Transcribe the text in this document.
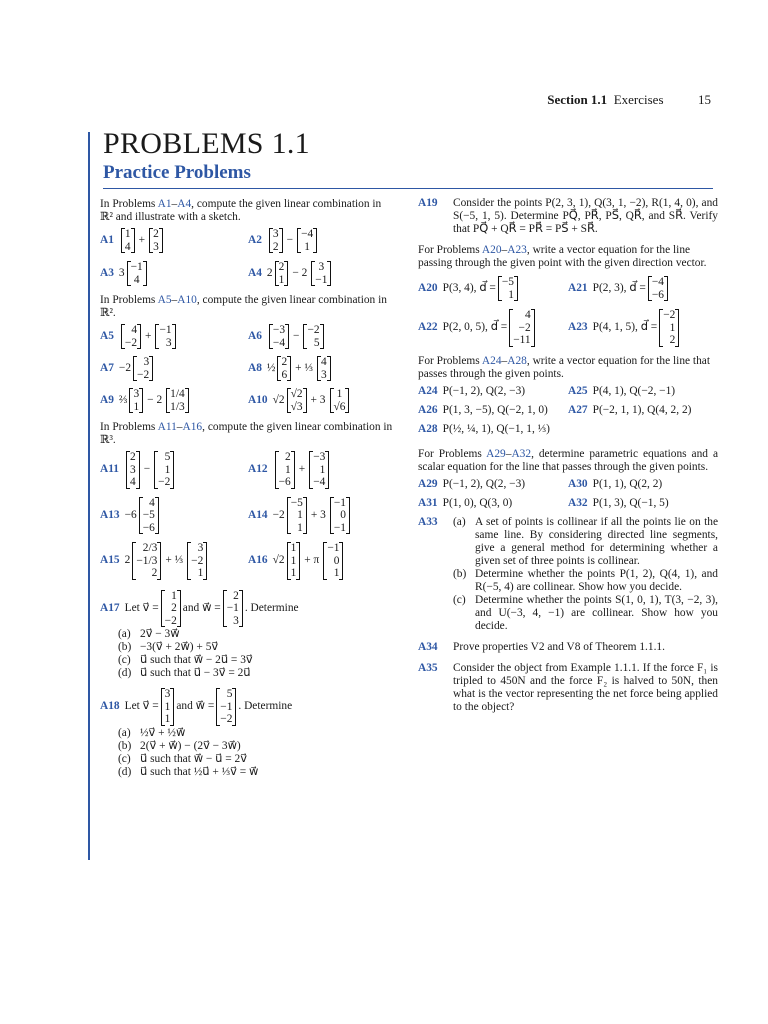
Section 1.1 Exercises	15
PROBLEMS 1.1
Practice Problems

In Problems A1–A4, compute the given linear combination in ℝ² and illustrate with a sketch.

A1 1
4
+ 2
3
A2 3
2
− −4
1
A3 3 −1
4
A4 2 2
1
− 2 3
−1

In Problems A5–A10, compute the given linear combination in ℝ².

A5 4
−2
+ −1
3
A6 −3
−4
− −2
5
A7 −2 3
−2
A8 ½ 2
6
+ ⅓ 4
3
A9 ⅔ 3
1
− 2 1/4
1/3
A10 √2 √2
√3
+ 3 1
√6

In Problems A11–A16, compute the given linear combination in ℝ³.

A11
2
3
4
−
5
1
−2
A12
2
1
−6
+
−3
1
−4
A13 −6
4
−5
−6
A14 −2
−5
1
1
+ 3
−1
0
−1
A15 2
2/3
−1/3
2
+ ⅓
3
−2
1
A16 √2
1
1
1
+ π
−1
0
1
A17 Let v⃗ =
1
2
−2
and w⃗ =
2
−1
3
. Determine
(a) 2v⃗ − 3w⃗
(b) −3(v⃗ + 2w⃗) + 5v⃗
(c) u⃗ such that w⃗ − 2u⃗ = 3v⃗
(d) u⃗ such that u⃗ − 3v⃗ = 2u⃗
A18 Let v⃗ =
3
1
1
and w⃗ =
5
−1
−2
. Determine
(a) ½v⃗ + ½w⃗
(b) 2(v⃗ + w⃗) − (2v⃗ − 3w⃗)
(c) u⃗ such that w⃗ − u⃗ = 2v⃗
(d) u⃗ such that ½u⃗ + ⅓v⃗ = w⃗
A19	Consider the points P(2, 3, 1), Q(3, 1, −2), R(1, 4, 0), and S(−5, 1, 5). Determine PQ⃗, PR⃗, PS⃗, QR⃗, and SR⃗. Verify that PQ⃗ + QR⃗ = PR⃗ = PS⃗ + SR⃗.

For Problems A20–A23, write a vector equation for the line passing through the given point with the given direction vector.

A20 P(3, 4), d⃗ = −5
1
A21 P(2, 3), d⃗ = −4
−6
A22 P(2, 0, 5), d⃗ =
4
−2
−11
A23 P(4, 1, 5), d⃗ =
−2
1
2

For Problems A24–A28, write a vector equation for the line that passes through the given points.

A24 P(−1, 2), Q(2, −3)	A25 P(4, 1), Q(−2, −1)
A26 P(1, 3, −5), Q(−2, 1, 0) A27 P(−2, 1, 1), Q(4, 2, 2)
A28 P(½, ¼, 1), Q(−1, 1, ⅓)

For Problems A29–A32, determine parametric equations and a scalar equation for the line that passes through the given points.

A29 P(−1, 2), Q(2, −3)	A30 P(1, 1), Q(2, 2)
A31 P(1, 0), Q(3, 0)	A32 P(1, 3), Q(−1, 5)
A33	(a) A set of points is collinear if all the points lie on the same line. By considering directed line segments, give a general method for determining whether a given set of three points is collinear.
(b) Determine whether the points P(1, 2), Q(4, 1), and R(−5, 4) are collinear. Show how you decide.
(c) Determine whether the points S(1, 0, 1), T(3, −2, 3), and U(−3, 4, −1) are collinear. Show how you decide.
A34	Prove properties V2 and V8 of Theorem 1.1.1.
A35	Consider the object from Example 1.1.1. If the force F₁ is tripled to 450N and the force F₂ is halved to 50N, then what is the vector representing the net force being applied to the object?
